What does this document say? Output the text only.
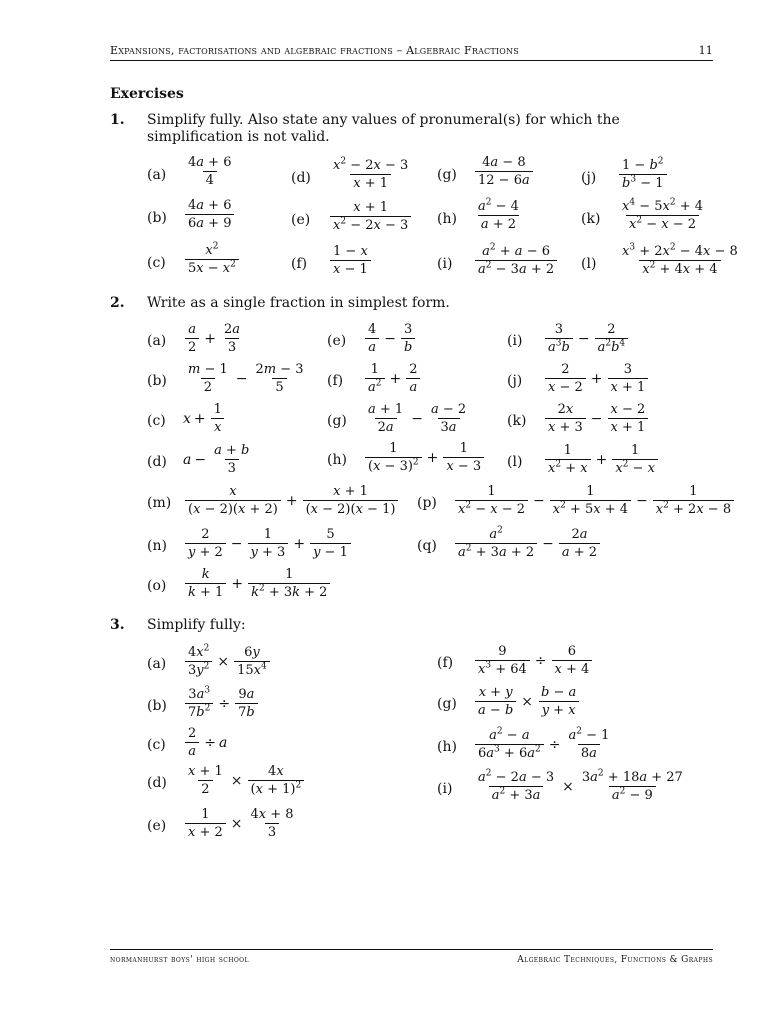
Expansions, factorisations and algebraic fractions – Algebraic Fractions	11
Exercises
1. Simplify fully. Also state any values of pronumeral(s) for which the simplification is not valid.
(a)
(b)
(c)
(d)
(e)
(f)
(g)
(h)
(i)
(j)
(k)
(l)
4a + 6
4
4a + 6
6a + 9
$x^2$
$5x - x^2$
$x^2 - 2x - 3$
x + 1
x + 1
$x^2 - 2x - 3$
1 − x
x − 1
4a − 8
12 − 6a
$a^2 - 4$
a + 2
$a^2 + a - 6$
$a^2 - 3a + 2$
$1 - b^2$
$b^3 - 1$
$x^4 - 5x^2 + 4$
$x^2 - x - 2$
$x^3 + 2x^2 - 4x - 8$
$x^2 + 4x + 4$
2. Write as a single fraction in simplest form.
(a)
(b)
(c)
(d)
(e)
(f)
(g)
(h)
(i)
(j)
(k)
(l)
(m)
(n)
(o)
(p)
(q)
a
2
+ $\frac{2a}{3}$
m − 1
2
− $\frac{2m - 3}{5}$
$x + \frac{1}{x}$
$a - \frac{a + b}{3}$
4
a
− $\frac{3}{b}$
1
$a^2 + \frac{2}{a}$
a + 1
2a
− $\frac{a - 2}{3a}$
1
$(x - 3)^2 + \frac{1}{x - 3}$
3
$a^3b$
− $\frac{2}{a^2b^4}$
2
x − 2
+ $\frac{3}{x + 1}$
2x
x + 3
− $\frac{x - 2}{x + 1}$
1
$x^2 + x$
+ $\frac{1}{x^2 - x}$
x
(x − 2)(x + 2)
+ $\frac{x + 1}{(x - 2)(x - 1)}$
2
y + 2
− $\frac{1}{y + 3} + \frac{5}{y - 1}$
k
k + 1
+ $\frac{1}{k^2 + 3k + 2}$
1
$x^2 - x - 2$
− $\frac{1}{x^2 + 5x + 4} - \frac{1}{x^2 + 2x - 8}$
$a^2$
$a^2 + 3a + 2$
− $\frac{2a}{a + 2}$
3. Simplify fully:
(a)
(b)
(c)
(d)
(e)
(f)
(g)
(h)
(i)
$\frac{4x^2}{3y^2} \times \frac{6y}{15x^4}$
$\frac{3a^3}{7b^2} \div \frac{9a}{7b}$
$\frac{2}{a} \div a$
$\frac{x + 1}{2} \times \frac{4x}{(x + 1)^2}$
$\frac{1}{x + 2} \times \frac{4x + 8}{3}$
$\frac{9}{x^3 + 64} \div \frac{6}{x + 4}$
$\frac{x + y}{a - b} \times \frac{b - a}{y + x}$
$\frac{a^2 - a}{6a^3 + 6a^2} \div \frac{a^2 - 1}{8a}$
$\frac{a^2 - 2a - 3}{a^2 + 3a} \times \frac{3a^2 + 18a + 27}{a^2 - 9}$
normanhurst boys' high school	Algebraic Techniques, Functions & Graphs
